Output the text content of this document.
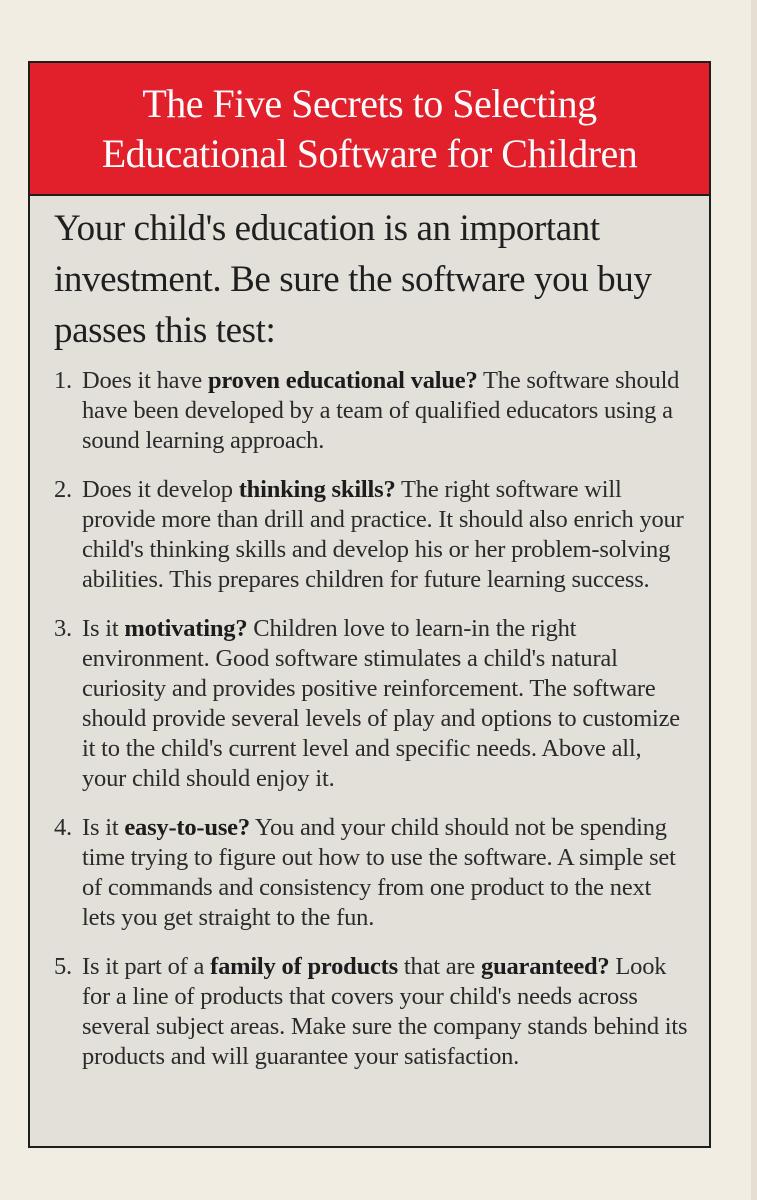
The Five Secrets to Selecting
Educational Software for Children

Your child's education is an important investment. Be sure the software you buy passes this test:

1. Does it have proven educational value? The software should have been developed by a team of qualified educators using a sound learning approach.
2. Does it develop thinking skills? The right software will provide more than drill and practice. It should also enrich your child's thinking skills and develop his or her problem-solving abilities. This prepares children for future learning success.
3. Is it motivating? Children love to learn-in the right environment. Good software stimulates a child's natural curiosity and provides positive reinforcement. The software should provide several levels of play and options to customize it to the child's current level and specific needs. Above all, your child should enjoy it.
4. Is it easy-to-use? You and your child should not be spending time trying to figure out how to use the software. A simple set of commands and consistency from one product to the next lets you get straight to the fun.
5. Is it part of a family of products that are guaranteed? Look for a line of products that covers your child's needs across several subject areas. Make sure the company stands behind its products and will guarantee your satisfaction.
